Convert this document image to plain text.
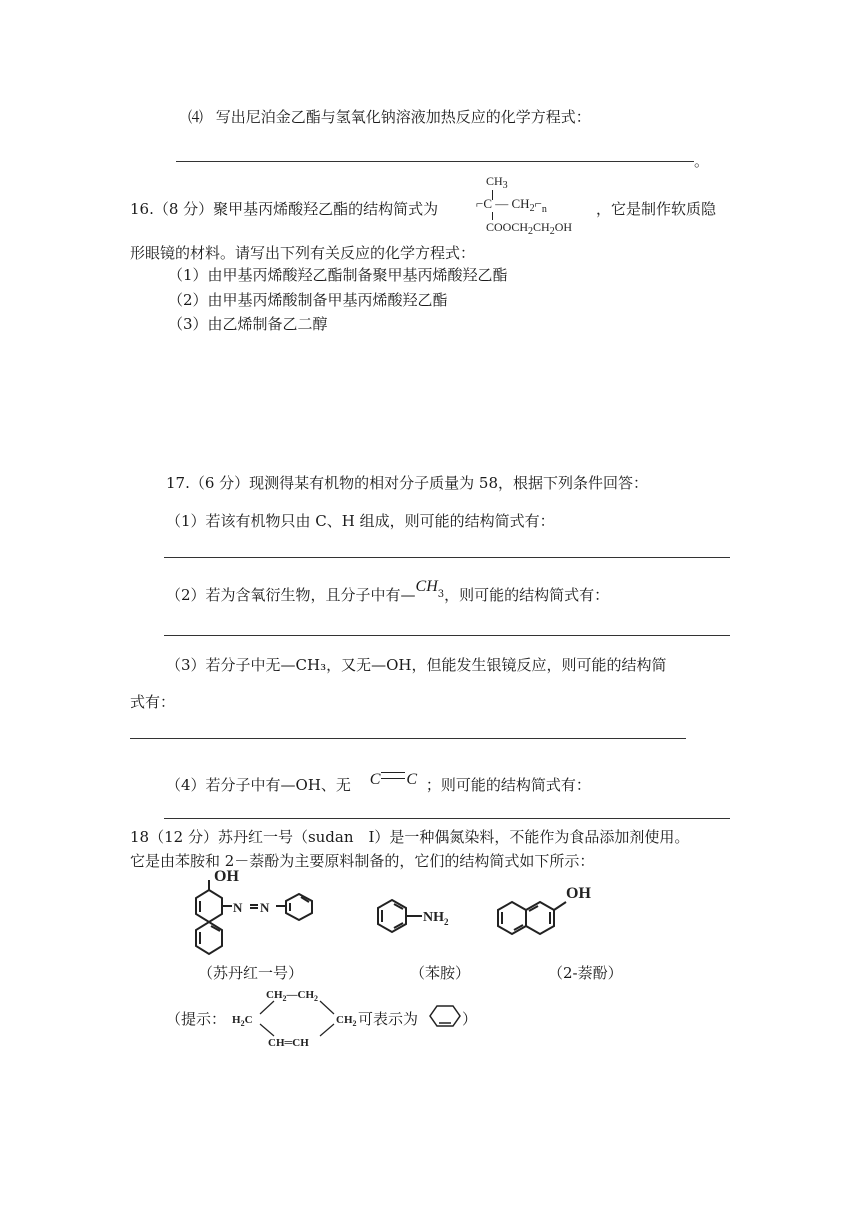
⑷ 写出尼泊金乙酯与氢氧化钠溶液加热反应的化学方程式：
。
16.（8 分）聚甲基丙烯酸羟乙酯的结构简式为
$CH_3$
⌐C — $CH_2⌐_n$
$COOCH_2CH_2OH$
，它是制作软质隐
形眼镜的材料。请写出下列有关反应的化学方程式：
（1）由甲基丙烯酸羟乙酯制备聚甲基丙烯酸羟乙酯
（2）由甲基丙烯酸制备甲基丙烯酸羟乙酯
（3）由乙烯制备乙二醇
17.（6 分）现测得某有机物的相对分子质量为 58，根据下列条件回答：
（1）若该有机物只由 C、H 组成，则可能的结构简式有：
（2）若为含氧衍生物，且分子中有$—CH^3$，则可能的结构简式有：
（3）若分子中无—CH₃，又无—OH，但能发生银镜反应，则可能的结构简
式有：
（4）若分子中有—OH、无 C C ；则可能的结构简式有：
18（12 分）苏丹红一号（sudan　Ⅰ）是一种偶氮染料，不能作为食品添加剂使用。
它是由苯胺和 2－萘酚为主要原料制备的，它们的结构简式如下所示：
OH
N N
$NH_2$
OH
（苏丹红一号）	（苯胺）	（2-萘酚）
（提示：
$CH_2—CH_2$
$H_2C$	$CH_2$
CH═CH
可表示为	）
